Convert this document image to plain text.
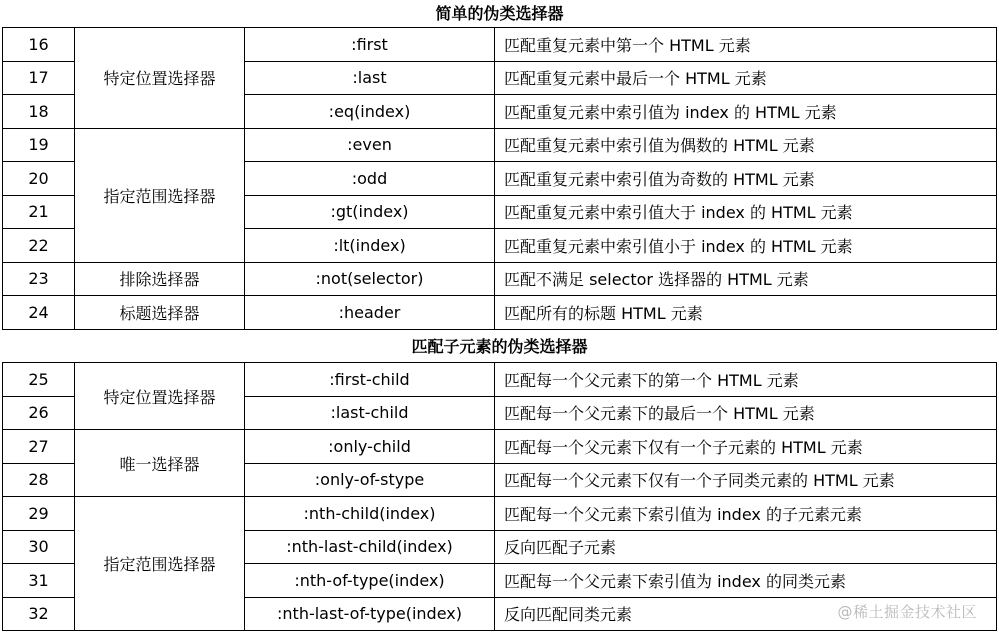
简单的伪类选择器
16	特定位置选择器	:first	匹配重复元素中第一个 HTML 元素
17		:last	匹配重复元素中最后一个 HTML 元素
18		:eq(index)	匹配重复元素中索引值为 index 的 HTML 元素
19	指定范围选择器	:even	匹配重复元素中索引值为偶数的 HTML 元素
20		:odd	匹配重复元素中索引值为奇数的 HTML 元素
21		:gt(index)	匹配重复元素中索引值大于 index 的 HTML 元素
22		:lt(index)	匹配重复元素中索引值小于 index 的 HTML 元素
23	排除选择器	:not(selector)	匹配不满足 selector 选择器的 HTML 元素
24	标题选择器	:header	匹配所有的标题 HTML 元素
匹配子元素的伪类选择器
25	特定位置选择器	:first-child	匹配每一个父元素下的第一个 HTML 元素
26		:last-child	匹配每一个父元素下的最后一个 HTML 元素
27	唯一选择器	:only-child	匹配每一个父元素下仅有一个子元素的 HTML 元素
28		:only-of-stype	匹配每一个父元素下仅有一个子同类元素的 HTML 元素
29	指定范围选择器	:nth-child(index)	匹配每一个父元素下索引值为 index 的子元素元素
30		:nth-last-child(index)	反向匹配子元素
31		:nth-of-type(index)	匹配每一个父元素下索引值为 index 的同类元素
32		:nth-last-of-type(index)	反向匹配同类元素	@稀土掘金技术社区
